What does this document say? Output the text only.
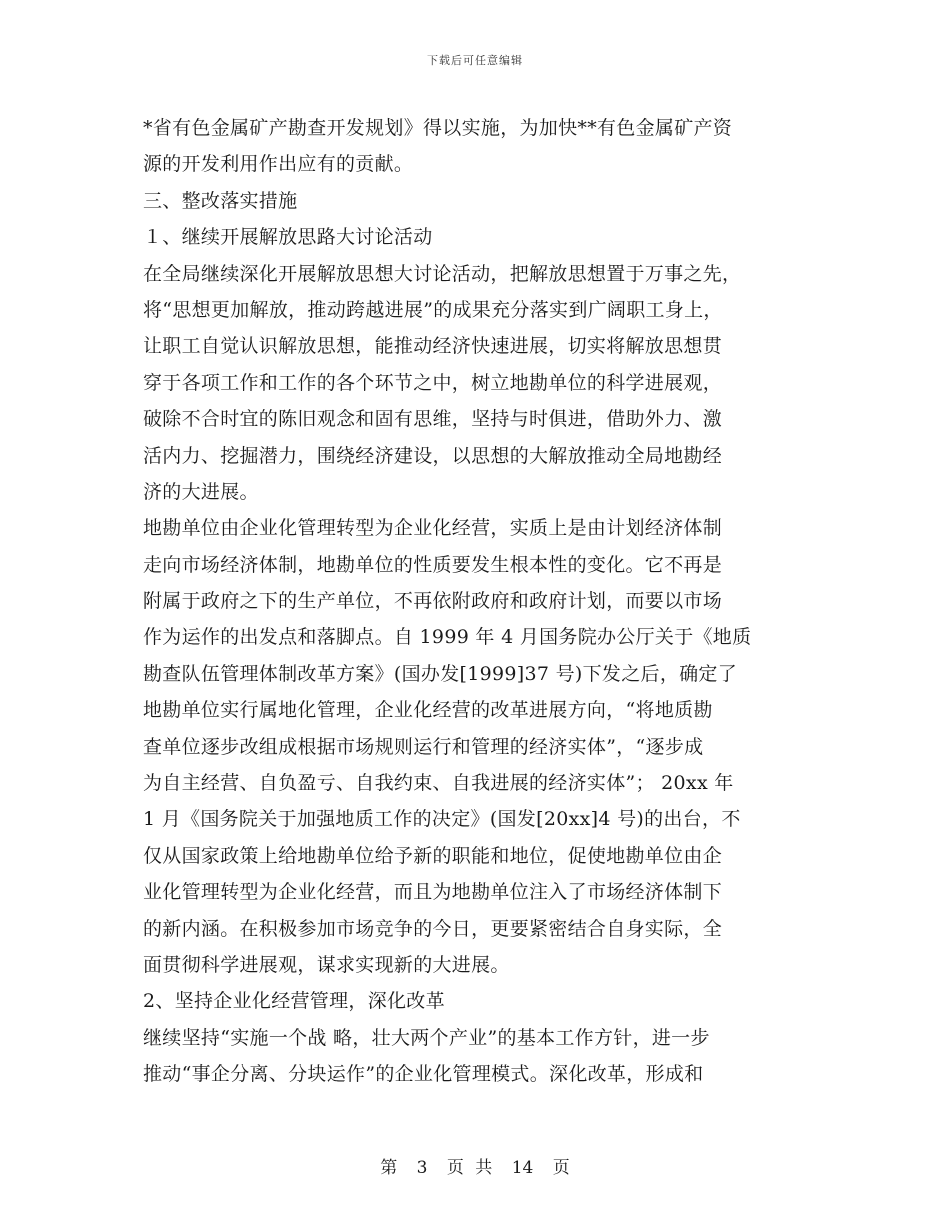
下载后可任意编辑
*省有色金属矿产勘查开发规划》得以实施，为加快**有色金属矿产资
源的开发利用作出应有的贡献。
三、整改落实措施
１、继续开展解放思路大讨论活动
在全局继续深化开展解放思想大讨论活动，把解放思想置于万事之先，
将“思想更加解放，推动跨越进展”的成果充分落实到广阔职工身上，
让职工自觉认识解放思想，能推动经济快速进展，切实将解放思想贯
穿于各项工作和工作的各个环节之中，树立地勘单位的科学进展观，
破除不合时宜的陈旧观念和固有思维，坚持与时俱进，借助外力、激
活内力、挖掘潜力，围绕经济建设，以思想的大解放推动全局地勘经
济的大进展。
地勘单位由企业化管理转型为企业化经营，实质上是由计划经济体制
走向市场经济体制，地勘单位的性质要发生根本性的变化。它不再是
附属于政府之下的生产单位，不再依附政府和政府计划，而要以市场
作为运作的出发点和落脚点。自 1999 年 4 月国务院办公厅关于《地质
勘查队伍管理体制改革方案》(国办发[1999]37 号)下发之后，确定了
地勘单位实行属地化管理，企业化经营的改革进展方向，“将地质勘
查单位逐步改组成根据市场规则运行和管理的经济实体”，“逐步成
为自主经营、自负盈亏、自我约束、自我进展的经济实体”； 20xx 年
1 月《国务院关于加强地质工作的决定》(国发[20xx]4 号)的出台，不
仅从国家政策上给地勘单位给予新的职能和地位，促使地勘单位由企
业化管理转型为企业化经营，而且为地勘单位注入了市场经济体制下
的新内涵。在积极参加市场竞争的今日，更要紧密结合自身实际，全
面贯彻科学进展观，谋求实现新的大进展。
2、坚持企业化经营管理，深化改革
继续坚持“实施一个战 略，壮大两个产业”的基本工作方针，进一步
推动“事企分离、分块运作”的企业化管理模式。深化改革，形成和
第 3 页 共 14 页
